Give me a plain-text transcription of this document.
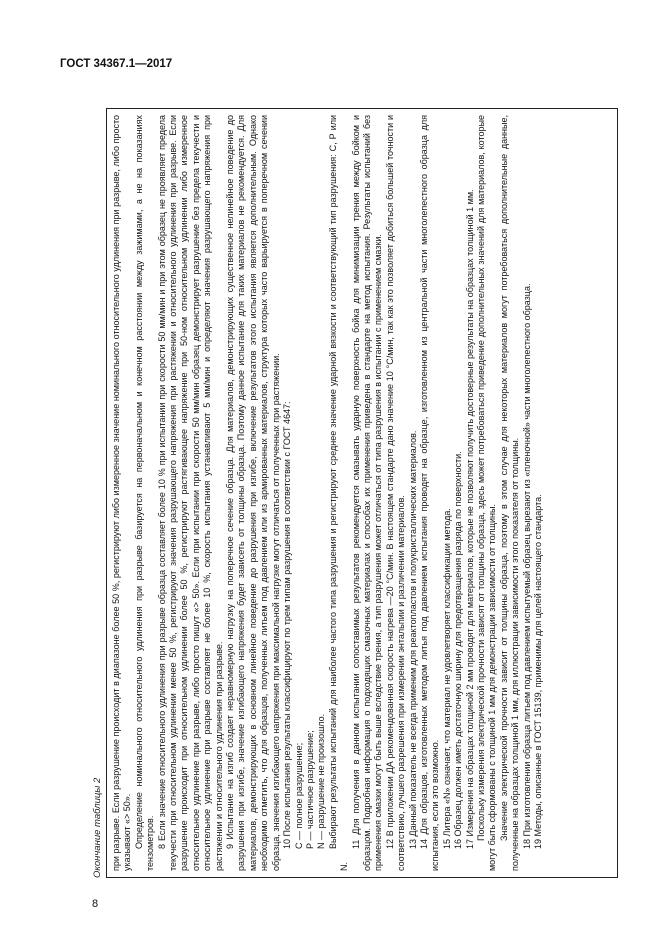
ГОСТ 34367.1—2017
Окончание таблицы 2 при разрыве. Если разрушение происходит в диапазоне более 50 %, регистрируют либо измеренное значение номинального относительного удлинения при разрыве, либо просто указывают «> 50». Определение номинального относительного удлинения при разрыве базируется на первоначальном и конечном расстоянии между зажимами, а не на показаниях тензометров. 8 Если значение относительного удлинения при разрыве образца составляет более 10 % при испытании при скорости 50 мм/мин и при этом образец не проявляет предела текучести при относительном удлинении менее 50 %, регистрируют значения разрушающего напряжения при растяжении и относительного удлинения при разрыве. Если разрушение происходит при относительном удлинении более 50 %, регистрируют растягивающее напряжение при 50-ном относительном удлинении либо измеренное относительное удлинение при разрыве, либо просто пишут «> 50». Если при испытании при скорости 50 мм/мин образец демонстрирует разрушение без предела текучести и относительное удлинение при разрыве составляет не более 10 %, скорость испытания устанавливают 5 мм/мин и определяют значения разрушающего напряжения при растяжении и относительного удлинения при разрыве. 9 Испытание на изгиб создает неравномерную нагрузку на поперечное сечение образца. Для материалов, демонстрирующих существенное нелинейное поведение до разрушения при изгибе, значение изгибающего напряжения будет зависеть от толщины образца. Поэтому данное испытание для таких материалов не рекомендуется. Для материалов, демонстрирующих в основном линейное поведение до разрушения при изгибе, включение результатов этого испытания является дополнительным. Однако необходимо отметить, что для образцов, полученных литьем под давлением или из армированных материалов, структура которых часто варьируется в поперечном сечении образца, значения изгибающего напряжения при максимальной нагрузке могут отличаться от полученных при растяжении. 10 После испытания результаты классифицируют по трем типам разрушения в соответствии с ГОСТ 4647: С — полное разрушение; Р — частичное разрушение; N — разрушение не произошло. Выбирают результаты испытаний для наиболее частого типа разрушения и регистрируют среднее значение ударной вязкости и соответствующий тип разрушения: С, Р или N.

11 Для получения в данном испытании сопоставимых результатов рекомендуется смазывать ударную поверхность бойка для минимизации трения между бойком и образцом. Подробная информация о подходящих смазочных материалах и способах их применения приведена в стандарте на метод испытания. Результаты испытаний без применения смазки могут быть выше вследствие трения, а тип разрушения может отличаться от типа разрушения в испытании с применением смазки. 12 В приложении ДА рекомендованная скорость нагрева —20 °С/мин. В настоящем стандарте дано значение 10 °С/мин, так как это позволяет добиться большей точности и соответствию, лучшего разрешения при измерении энтальпии и различении материалов. 13 Данный показатель не всегда применим для реактопластов и полукристаллических материалов. 14 Для образцов, изготовленных методом литья под давлением испытания проводят на образце, изготовленном из центральной части многолепестного образца для испытания, если это возможно. 15 Литера «N» означает, что материал не удовлетворяет классификации метода. 16 Образец должен иметь достаточную ширину для предотвращения разряда по поверхности. 17 Измерения на образцах толщиной 2 мм проводят для материалов, которые не позволяют получить достоверные результаты на образцах толщиной 1 мм. Поскольку измерения электрической прочности зависят от толщины образца, здесь может потребоваться приведение дополнительных значений для материалов, которые могут быть сформованы с толщиной 1 мм для демонстрации зависимости от толщины. Значение электрической прочности зависит от толщины образца, поэтому в этом случае для некоторых материалов могут потребоваться дополнительные данные, полученные на образцах толщиной 1 мм, для иллюстрации зависимости этого показателя от толщины. 18 При изготовлении образца литьем под давлением испытуемый образец вырезают из «пленочной» части многолепестного образца. 19 Методы, описанные в ГОСТ 15139, применимы для целей настоящего стандарта.

8
